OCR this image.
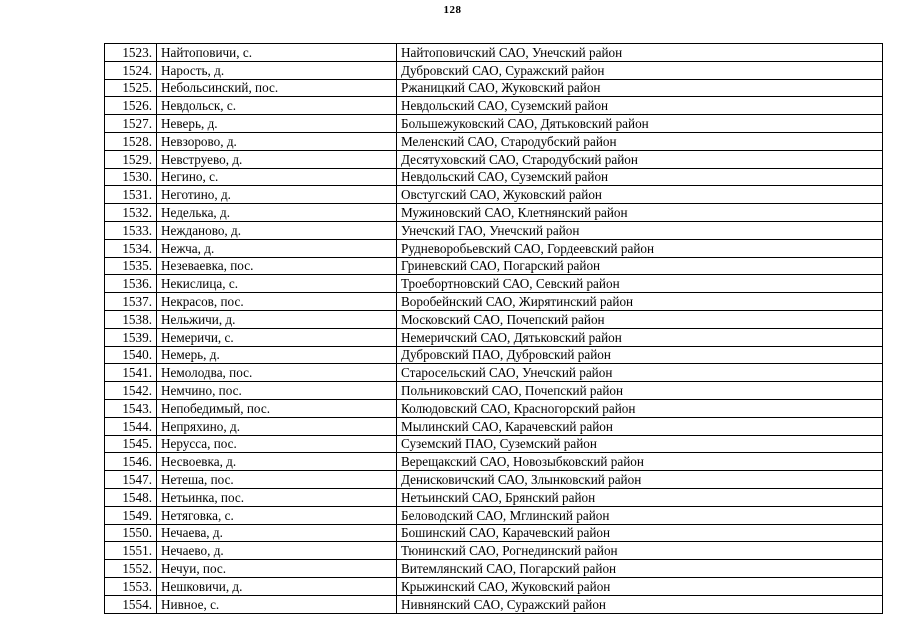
128
1523.	Найтоповичи, с.	Найтоповичский САО, Унечский район
1524.	Нарость, д.	Дубровский САО, Суражский район
1525.	Небольсинский, пос.	Ржаницкий САО, Жуковский район
1526.	Невдольск, с.	Невдольский САО, Суземский район
1527.	Неверь, д.	Большежуковский САО, Дятьковский район
1528.	Невзорово, д.	Меленский САО, Стародубский район
1529.	Невструево, д.	Десятуховский САО, Стародубский район
1530.	Негино, с.	Невдольский САО, Суземский район
1531.	Неготино, д.	Овстугский САО, Жуковский район
1532.	Неделька, д.	Мужиновский САО, Клетнянский район
1533.	Нежданово, д.	Унечский ГАО, Унечский район
1534.	Нежча, д.	Рудневоробьевский САО, Гордеевский район
1535.	Незеваевка, пос.	Гриневский САО, Погарский район
1536.	Некислица, с.	Троебортновский САО, Севский район
1537.	Некрасов, пос.	Воробейнский САО, Жирятинский район
1538.	Нельжичи, д.	Московский САО, Почепский район
1539.	Немеричи, с.	Немеричский САО, Дятьковский район
1540.	Немерь, д.	Дубровский ПАО, Дубровский район
1541.	Немолодва, пос.	Старосельский САО, Унечский район
1542.	Немчино, пос.	Польниковский САО, Почепский район
1543.	Непобедимый, пос.	Колюдовский САО, Красногорский район
1544.	Непряхино, д.	Мылинский САО, Карачевский район
1545.	Нерусса, пос.	Суземский ПАО, Суземский район
1546.	Несвоевка, д.	Верещакский САО, Новозыбковский район
1547.	Нетеша, пос.	Денисковичский САО, Злынковский район
1548.	Нетьинка, пос.	Нетьинский САО, Брянский район
1549.	Нетяговка, с.	Беловодский САО, Мглинский район
1550.	Нечаева, д.	Бошинский САО, Карачевский район
1551.	Нечаево, д.	Тюнинский САО, Рогнединский район
1552.	Нечуи, пос.	Витемлянский САО, Погарский район
1553.	Нешковичи, д.	Крыжинский САО, Жуковский район
1554.	Нивное, с.	Нивнянский САО, Суражский район
